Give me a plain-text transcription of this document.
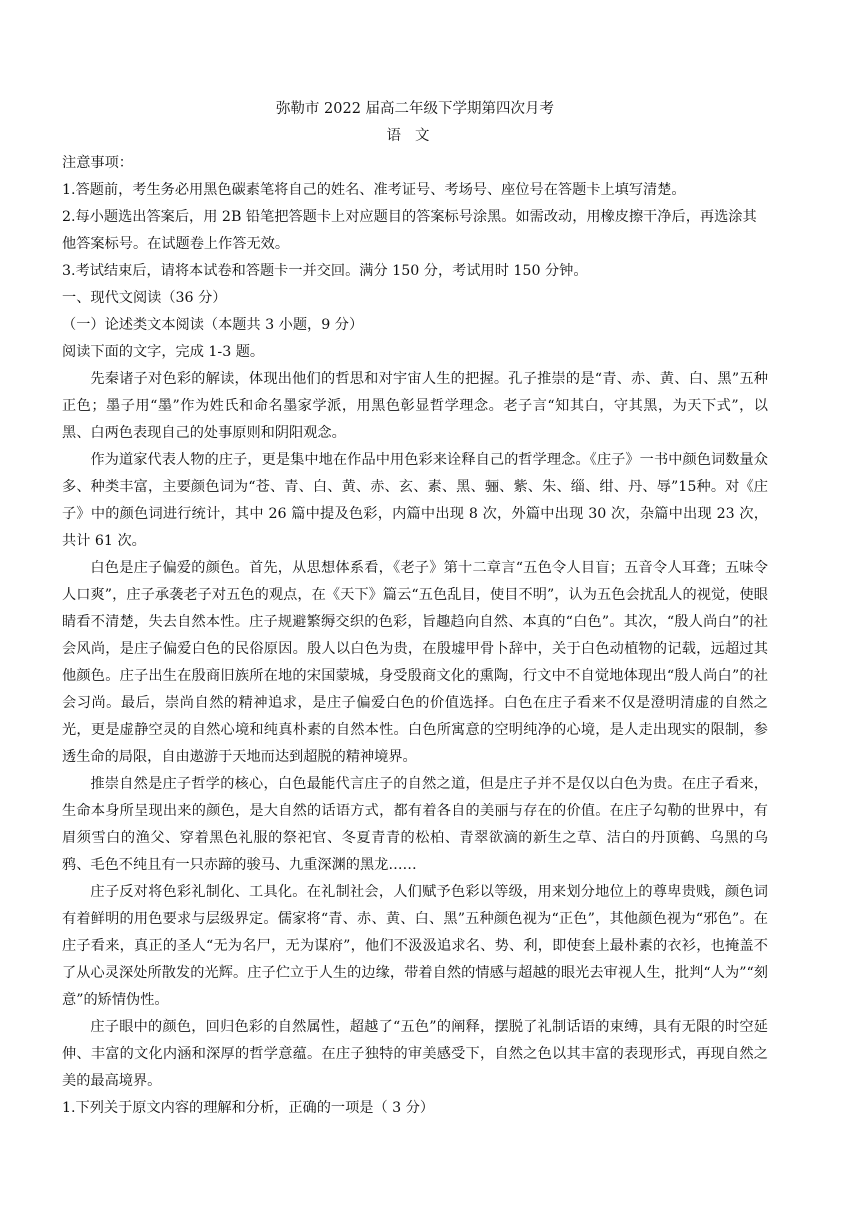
弥勒市 2022 届高二年级下学期第四次月考
语文

注意事项：

1.答题前，考生务必用黑色碳素笔将自己的姓名、准考证号、考场号、座位号在答题卡上填写清楚。

2.每小题选出答案后，用 2B 铅笔把答题卡上对应题目的答案标号涂黑。如需改动，用橡皮擦干净后，再选涂其他答案标号。在试题卷上作答无效。

3.考试结束后，请将本试卷和答题卡一并交回。满分 150 分，考试用时 150 分钟。

一、现代文阅读（36 分）

（一）论述类文本阅读（本题共 3 小题，9 分）

阅读下面的文字，完成 1-3 题。

先秦诸子对色彩的解读，体现出他们的哲思和对宇宙人生的把握。孔子推崇的是“青、赤、黄、白、黑”五种正色；墨子用“墨”作为姓氏和命名墨家学派，用黑色彰显哲学理念。老子言“知其白，守其黑，为天下式”，以黑、白两色表现自己的处事原则和阴阳观念。

作为道家代表人物的庄子，更是集中地在作品中用色彩来诠释自己的哲学理念。《庄子》一书中颜色词数量众多、种类丰富，主要颜色词为“苍、青、白、黄、赤、玄、素、黑、骊、紫、朱、缁、绀、丹、辱”15种。对《庄子》中的颜色词进行统计，其中 26 篇中提及色彩，内篇中出现 8 次，外篇中出现 30 次，杂篇中出现 23 次，共计 61 次。

白色是庄子偏爱的颜色。首先，从思想体系看，《老子》第十二章言“五色令人目盲；五音令人耳聋；五味令人口爽”，庄子承袭老子对五色的观点，在《天下》篇云“五色乱目，使目不明”，认为五色会扰乱人的视觉，使眼睛看不清楚，失去自然本性。庄子规避繁缛交织的色彩，旨趣趋向自然、本真的“白色”。其次，“殷人尚白”的社会风尚，是庄子偏爱白色的民俗原因。殷人以白色为贵，在殷墟甲骨卜辞中，关于白色动植物的记载，远超过其他颜色。庄子出生在殷商旧族所在地的宋国蒙城，身受殷商文化的熏陶，行文中不自觉地体现出“殷人尚白”的社会习尚。最后，崇尚自然的精神追求，是庄子偏爱白色的价值选择。白色在庄子看来不仅是澄明清虚的自然之光，更是虚静空灵的自然心境和纯真朴素的自然本性。白色所寓意的空明纯净的心境，是人走出现实的限制，参透生命的局限，自由遨游于天地而达到超脱的精神境界。

推崇自然是庄子哲学的核心，白色最能代言庄子的自然之道，但是庄子并不是仅以白色为贵。在庄子看来，生命本身所呈现出来的颜色，是大自然的话语方式，都有着各自的美丽与存在的价值。在庄子勾勒的世界中，有眉须雪白的渔父、穿着黑色礼服的祭祀官、冬夏青青的松柏、青翠欲滴的新生之草、洁白的丹顶鹤、乌黑的乌鸦、毛色不纯且有一只赤蹄的骏马、九重深渊的黑龙……

庄子反对将色彩礼制化、工具化。在礼制社会，人们赋予色彩以等级，用来划分地位上的尊卑贵贱，颜色词有着鲜明的用色要求与层级界定。儒家将“青、赤、黄、白、黑”五种颜色视为“正色”，其他颜色视为“邪色”。在庄子看来，真正的圣人“无为名尸，无为谋府”，他们不汲汲追求名、势、利，即使套上最朴素的衣衫，也掩盖不了从心灵深处所散发的光辉。庄子伫立于人生的边缘，带着自然的情感与超越的眼光去审视人生，批判“人为”“刻意”的矫情伪性。

庄子眼中的颜色，回归色彩的自然属性，超越了“五色”的阐释，摆脱了礼制话语的束缚，具有无限的时空延伸、丰富的文化内涵和深厚的哲学意蕴。在庄子独特的审美感受下，自然之色以其丰富的表现形式，再现自然之美的最高境界。

1.下列关于原文内容的理解和分析，正确的一项是（ 3 分）
